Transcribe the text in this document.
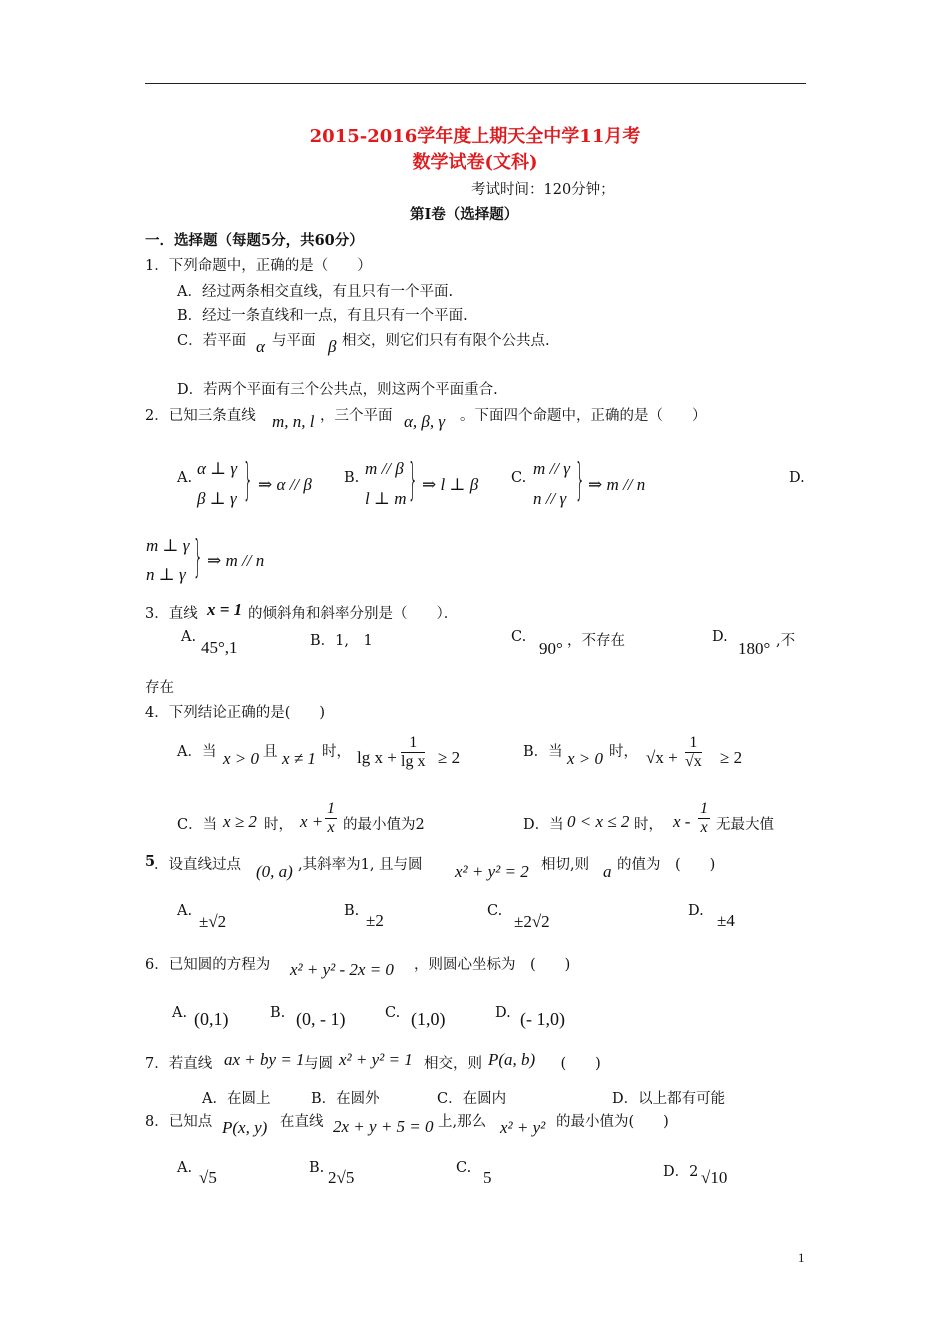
2015-2016学年度上期天全中学11月考
数学试卷(文科)
考试时间：120分钟；
第I卷（选择题）
一．选择题（每题5分，共60分）
1．下列命题中，正确的是（　　）
A．经过两条相交直线，有且只有一个平面.
B．经过一条直线和一点，有且只有一个平面.
C．若平面 α 与平面 β 相交，则它们只有有限个公共点.
D．若两个平面有三个公共点，则这两个平面重合.
2．已知三条直线 m, n, l ，三个平面 α, β, γ 。下面四个命题中，正确的是（　　）
A. α ⊥ γ
β ⊥ γ } ⇒ α // β B. m // β
l ⊥ m } ⇒ l ⊥ β C. m // γ
n // γ } ⇒ m // n	D.
m ⊥ γ
n ⊥ γ } ⇒ m // n
3．直线 x = 1 的倾斜角和斜率分别是（　　）．
A.
45°,1	B．1,　1	C.
90° ，不存在	D.
180° ,不
存在
4．下列结论正确的是(　　)
A．当 x > 0 且 x ≠ 1 时， $\lg x + \frac{1}{\text{lg x}} \ge 2$	B．当 x > 0 时， $√x + \frac{1}{√x} \ge 2$
C．当 x ≥ 2 时， $x + \frac{1}{x}$ 的最小值为2	D．当 0 < x ≤ 2 时， x - $\frac{1}{x}$ 无最大值
5
．设直线过点 (0, a) ,其斜率为1, 且与圆 x² + y² = 2 相切,则 a 的值为　(　　)
A.
±√2
B. ±2	C.
±2√2
D. ±4
6．已知圆的方程为 x² + y² - 2x = 0 ，则圆心坐标为　(　　)
A. (0,1)	B. (0, - 1)	C. (1,0)	D. (- 1,0)
7．若直线 ax + by = 1 与圆 x² + y² = 1 相交，则 P(a, b) 　(　　)
A．在圆上	B．在圆外	C．在圆内	D．以上都有可能
8．已知点 P(x, y) 在直线 2x + y + 5 = 0 上,那么 x² + y² 的最小值为(　　)
A. √5	B. 2√5	C. 5	D．2 √10
1
